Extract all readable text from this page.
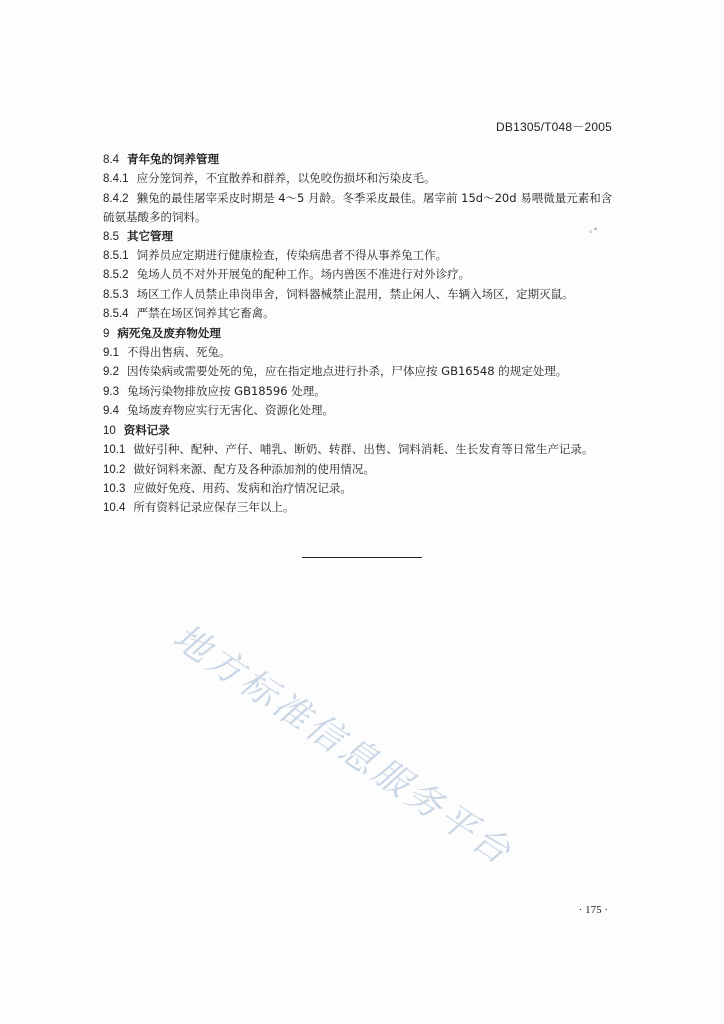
DB1305/T048－2005
◦˄
8.4 青年兔的饲养管理
8.4.1 应分笼饲养，不宜散养和群养，以免咬伤损坏和污染皮毛。
8.4.2 獭兔的最佳屠宰采皮时期是 4～5 月龄。冬季采皮最佳。屠宰前 15d～20d 易喂微量元素和含
硫氨基酸多的饲料。
8.5 其它管理
8.5.1 饲养员应定期进行健康检查，传染病患者不得从事养兔工作。
8.5.2 兔场人员不对外开展兔的配种工作。场内兽医不准进行对外诊疗。
8.5.3 场区工作人员禁止串岗串舍，饲料器械禁止混用，禁止闲人、车辆入场区，定期灭鼠。
8.5.4 严禁在场区饲养其它畜禽。
9 病死兔及废弃物处理
9.1 不得出售病、死兔。
9.2 因传染病或需要处死的兔，应在指定地点进行扑杀，尸体应按 GB16548 的规定处理。
9.3 兔场污染物排放应按 GB18596 处理。
9.4 兔场废弃物应实行无害化、资源化处理。
10 资料记录
10.1 做好引种、配种、产仔、哺乳、断奶、转群、出售、饲料消耗、生长发育等日常生产记录。
10.2 做好饲料来源、配方及各种添加剂的使用情况。
10.3 应做好免疫、用药、发病和治疗情况记录。
10.4 所有资料记录应保存三年以上。
地方标准信息服务平台
· 175 ·
